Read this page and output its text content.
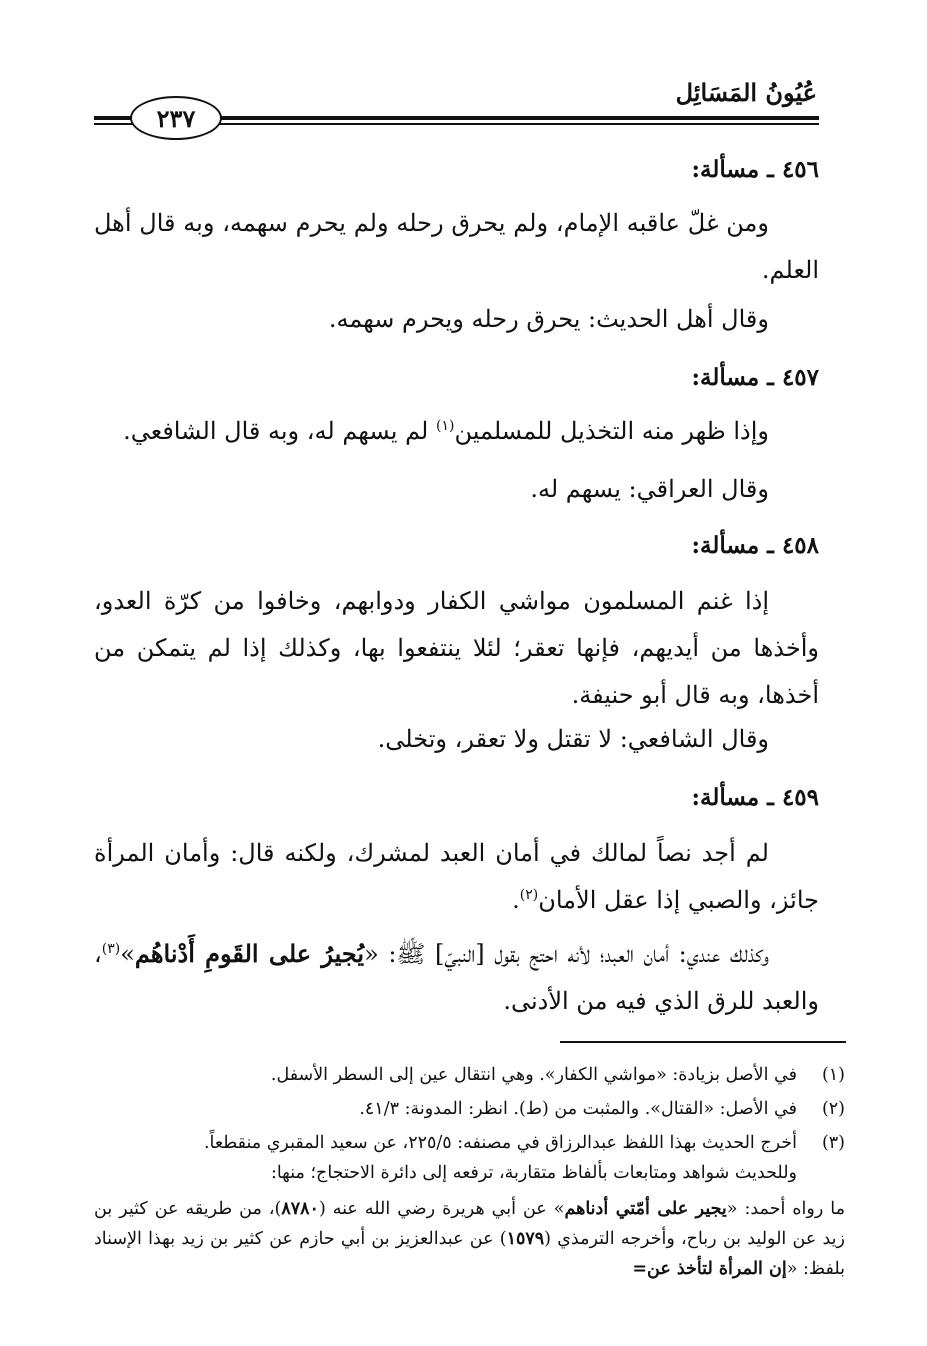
عُيُونُ المَسَائِل
٢٣٧
٤٥٦ ـ مسألة:
ومن غلّ عاقبه الإمام، ولم يحرق رحله ولم يحرم سهمه، وبه قال أهل العلم.
وقال أهل الحديث: يحرق رحله ويحرم سهمه.
٤٥٧ ـ مسألة:
وإذا ظهر منه التخذيل للمسلمين$^{(١)}$ لم يسهم له، وبه قال الشافعي.
وقال العراقي: يسهم له.
٤٥٨ ـ مسألة:
إذا غنم المسلمون مواشي الكفار ودوابهم، وخافوا من كرّة العدو، وأخذها من أيديهم، فإنها تعقر؛ لئلا ينتفعوا بها، وكذلك إذا لم يتمكن من أخذها، وبه قال أبو حنيفة.
وقال الشافعي: لا تقتل ولا تعقر، وتخلى.
٤٥٩ ـ مسألة:
لم أجد نصاً لمالك في أمان العبد لمشرك، ولكنه قال: وأمان المرأة جائز، والصبي إذا عقل الأمان$^{(٢)}$.
وكذلك عندي: أمان العبد؛ لأنه احتج بقول [النبيّ] ﷺ: «يُجيرُ على القَومِ أَدْناهُم»$^{(٣)}$، والعبد للرق الذي فيه من الأدنى.
(١)
في الأصل بزيادة: «مواشي الكفار». وهي انتقال عين إلى السطر الأسفل.
(٢)
في الأصل: «القتال». والمثبت من (ط). انظر: المدونة: ٤١/٣.
(٣)
أخرج الحديث بهذا اللفظ عبدالرزاق في مصنفه: ٢٢٥/٥، عن سعيد المقبري منقطعاً.
وللحديث شواهد ومتابعات بألفاظ متقاربة، ترفعه إلى دائرة الاحتجاج؛ منها:
ما رواه أحمد: «يجير على أمّتي أدناهم» عن أبي هريرة رضي الله عنه (٨٧٨٠)، من طريقه عن كثير بن زيد عن الوليد بن رباح، وأخرجه الترمذي (١٥٧٩) عن عبدالعزيز بن أبي حازم عن كثير بن زيد بهذا الإسناد بلفظ: «إن المرأة لتأخذ عن=
